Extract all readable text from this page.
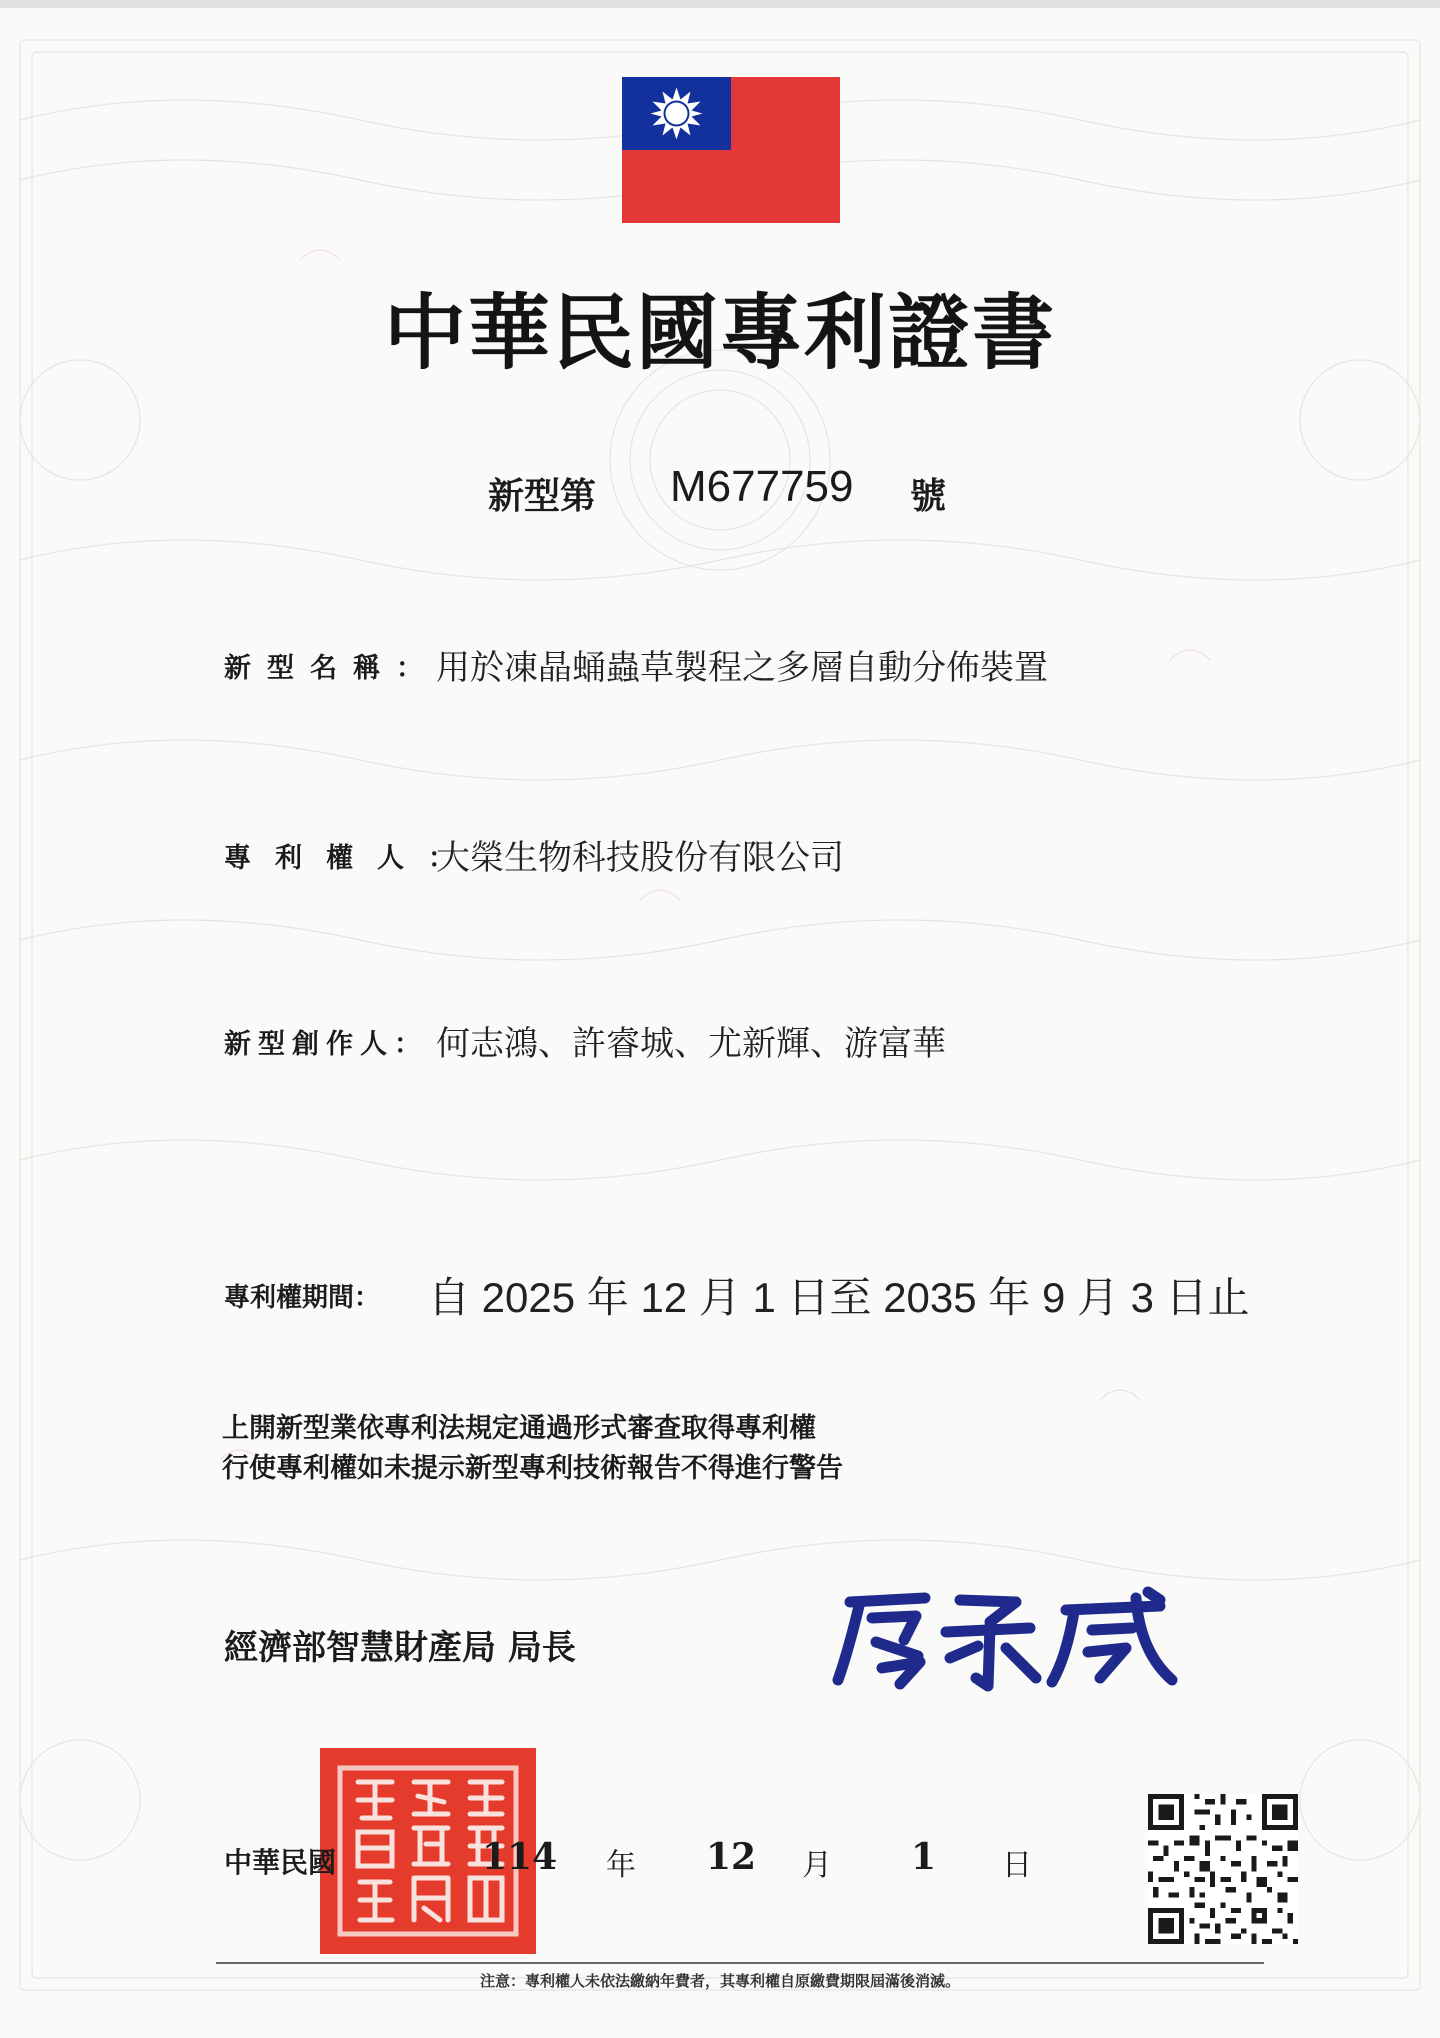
中華民國專利證書
新型第 M677759 號
新型名稱：
用於凍晶蛹蟲草製程之多層自動分佈裝置
專利權人：
大榮生物科技股份有限公司
新型創作人： 何志鴻、許睿城、尤新輝、游富華
專利權期間： 自 2025 年 12 月 1 日至 2035 年 9 月 3 日止
上開新型業依專利法規定通過形式審查取得專利權
行使專利權如未提示新型專利技術報告不得進行警告
經濟部智慧財產局 局長
中華民國	114 年 12 月 1 日
注意：專利權人未依法繳納年費者，其專利權自原繳費期限屆滿後消滅。
